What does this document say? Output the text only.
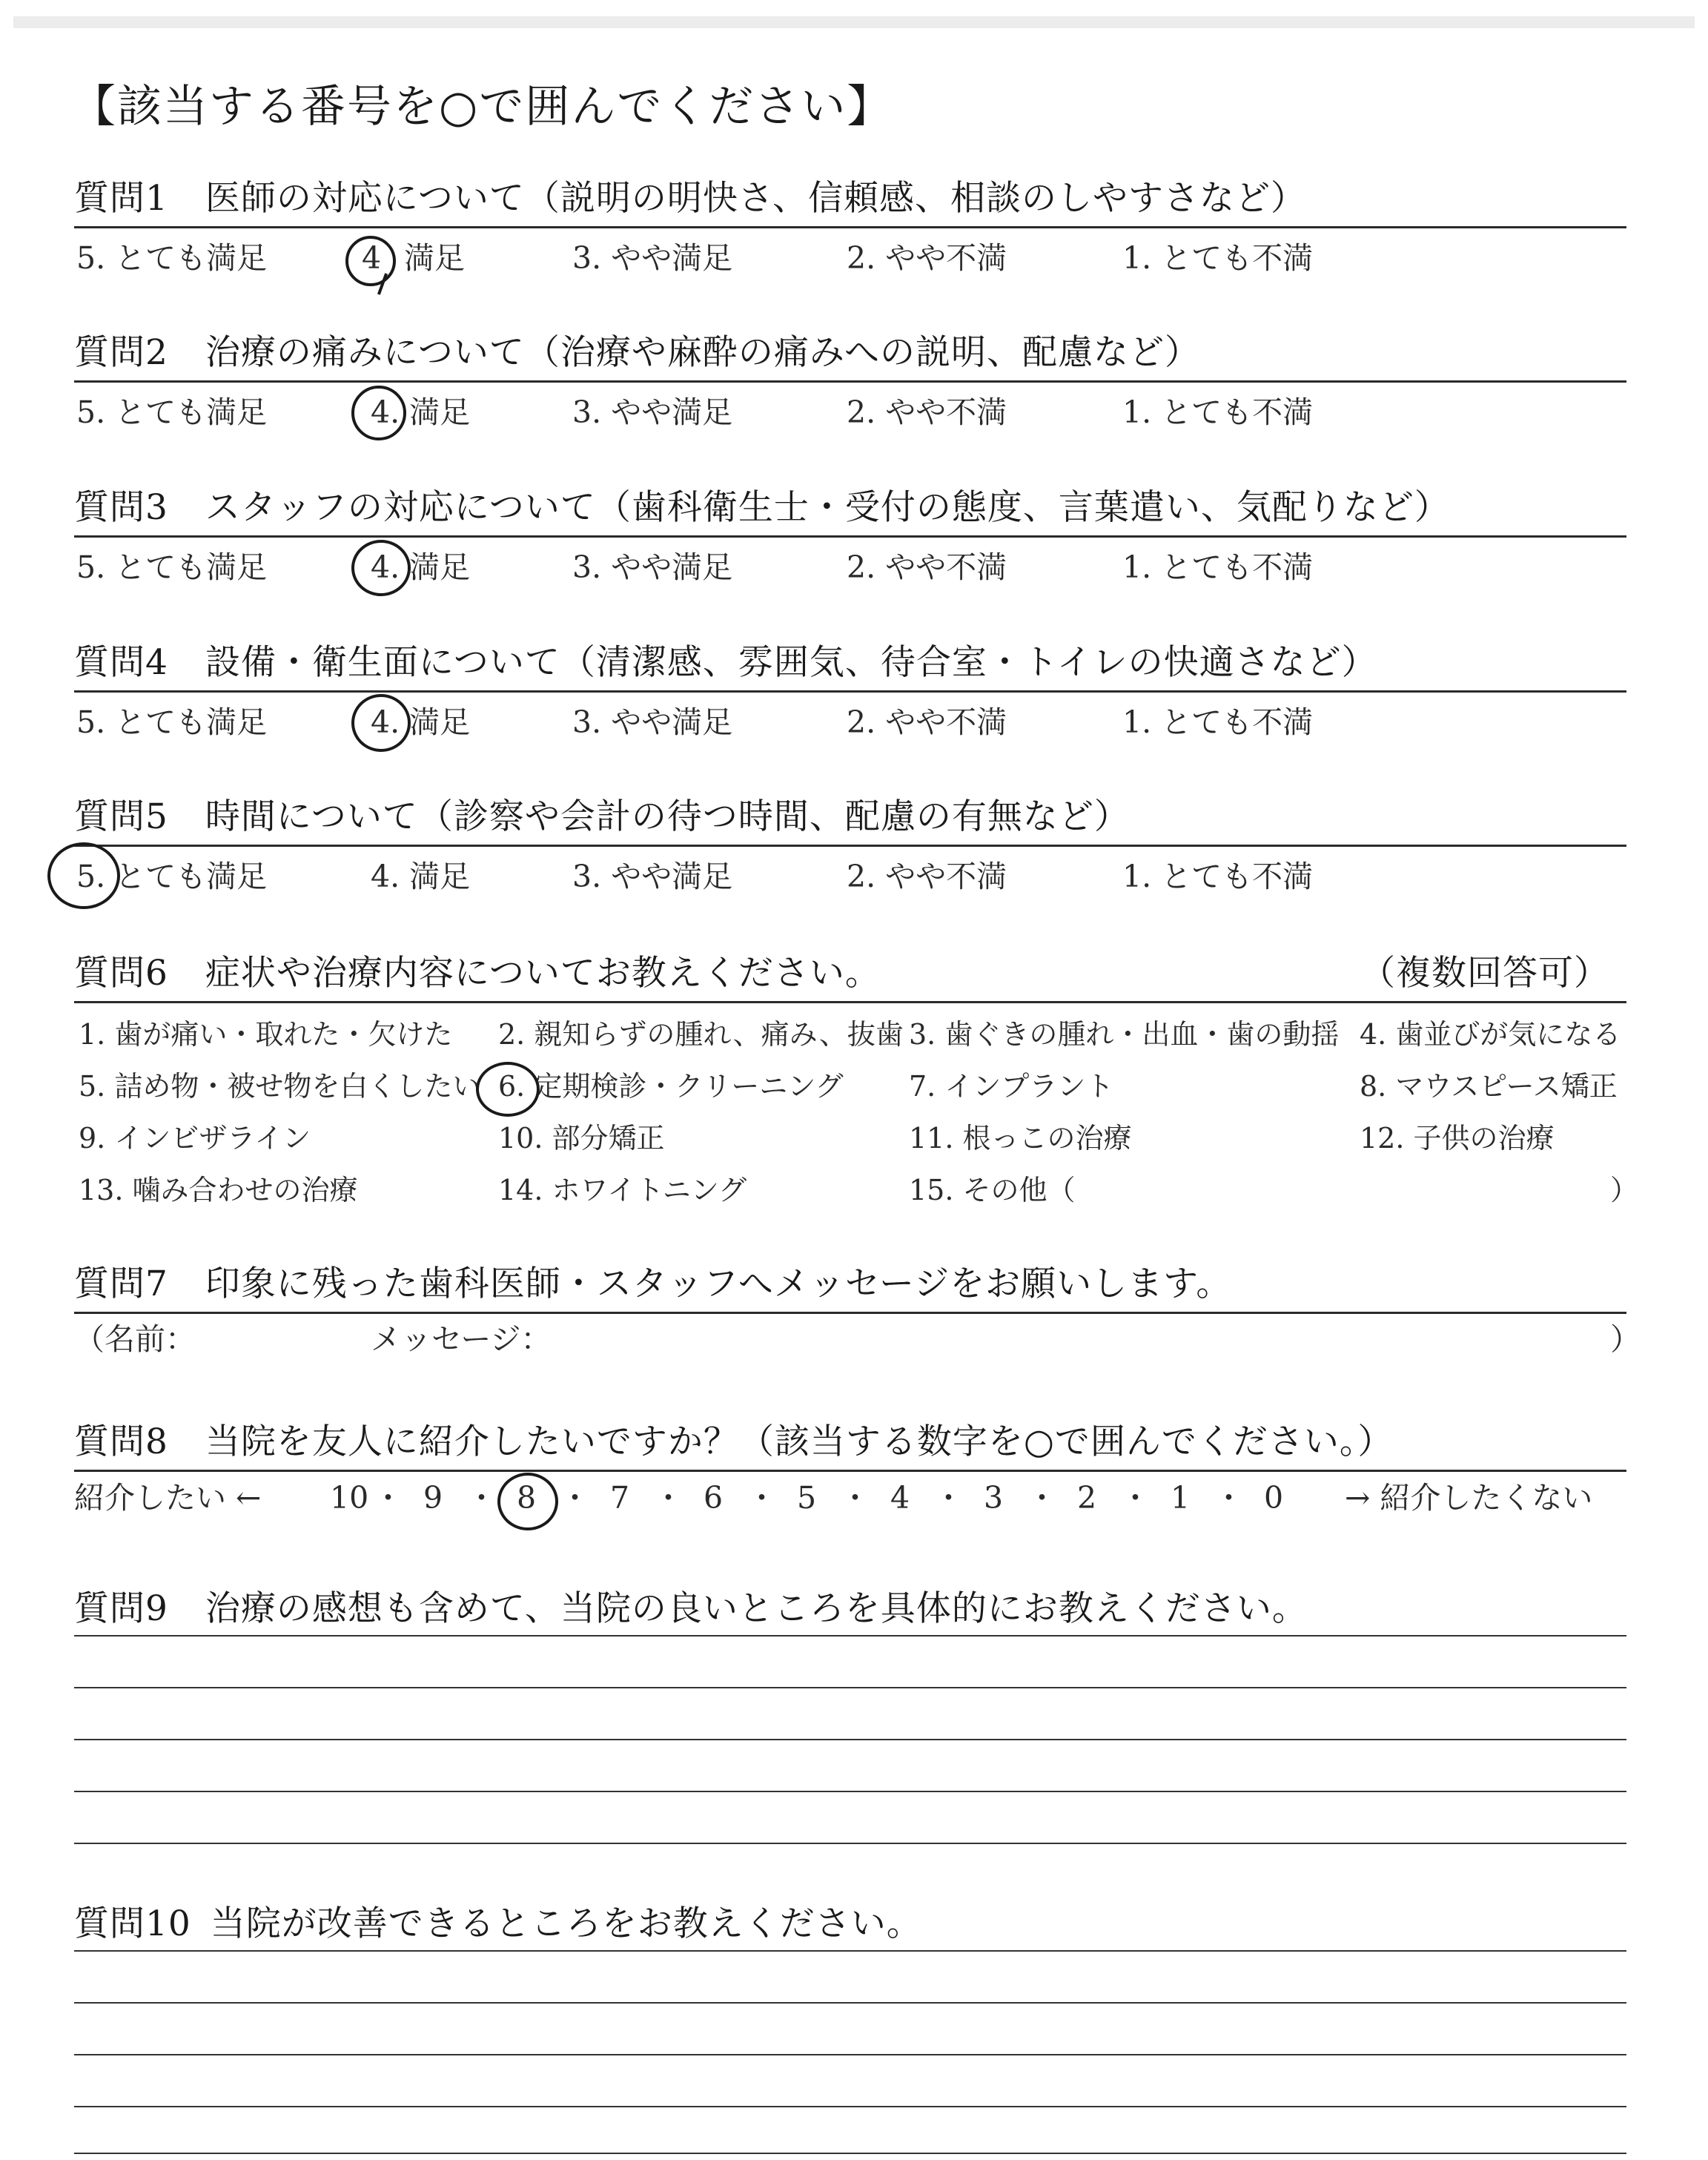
【該当する番号を○で囲んでください】
質問1 医師の対応について（説明の明快さ、信頼感、相談のしやすさなど）
5. とても満足	4 満足	3. やや満足	2. やや不満	1. とても不満
質問2 治療の痛みについて（治療や麻酔の痛みへの説明、配慮など）
5. とても満足	4. 満足	3. やや満足	2. やや不満	1. とても不満
質問3 スタッフの対応について（歯科衛生士・受付の態度、言葉遣い、気配りなど）
5. とても満足	4. 満足	3. やや満足	2. やや不満	1. とても不満
質問4 設備・衛生面について（清潔感、雰囲気、待合室・トイレの快適さなど）
5. とても満足	4. 満足	3. やや満足	2. やや不満	1. とても不満
質問5 時間について（診察や会計の待つ時間、配慮の有無など）
5. とても満足	4. 満足	3. やや満足	2. やや不満	1. とても不満
質問6 症状や治療内容についてお教えください。	（複数回答可）
1. 歯が痛い・取れた・欠けた 2. 親知らずの腫れ、痛み、抜歯 3. 歯ぐきの腫れ・出血・歯の動揺 4. 歯並びが気になる
5. 詰め物・被せ物を白くしたい 6. 定期検診・クリーニング 7. インプラント	8. マウスピース矯正
9. インビザライン	10. 部分矯正	11. 根っこの治療	12. 子供の治療
13. 噛み合わせの治療	14. ホワイトニング	15. その他（	）
質問7 印象に残った歯科医師・スタッフへメッセージをお願いします。
（名前：	メッセージ：	）
質問8 当院を友人に紹介したいですか？（該当する数字を○で囲んでください。）
紹介したい ←	→ 紹介したくない
10 ・ 9 ・ 8 ・ 7 ・ 6 ・ 5 ・ 4 ・ 3 ・ 2 ・ 1 ・ 0
質問9 治療の感想も含めて、当院の良いところを具体的にお教えください。
質問10 当院が改善できるところをお教えください。
